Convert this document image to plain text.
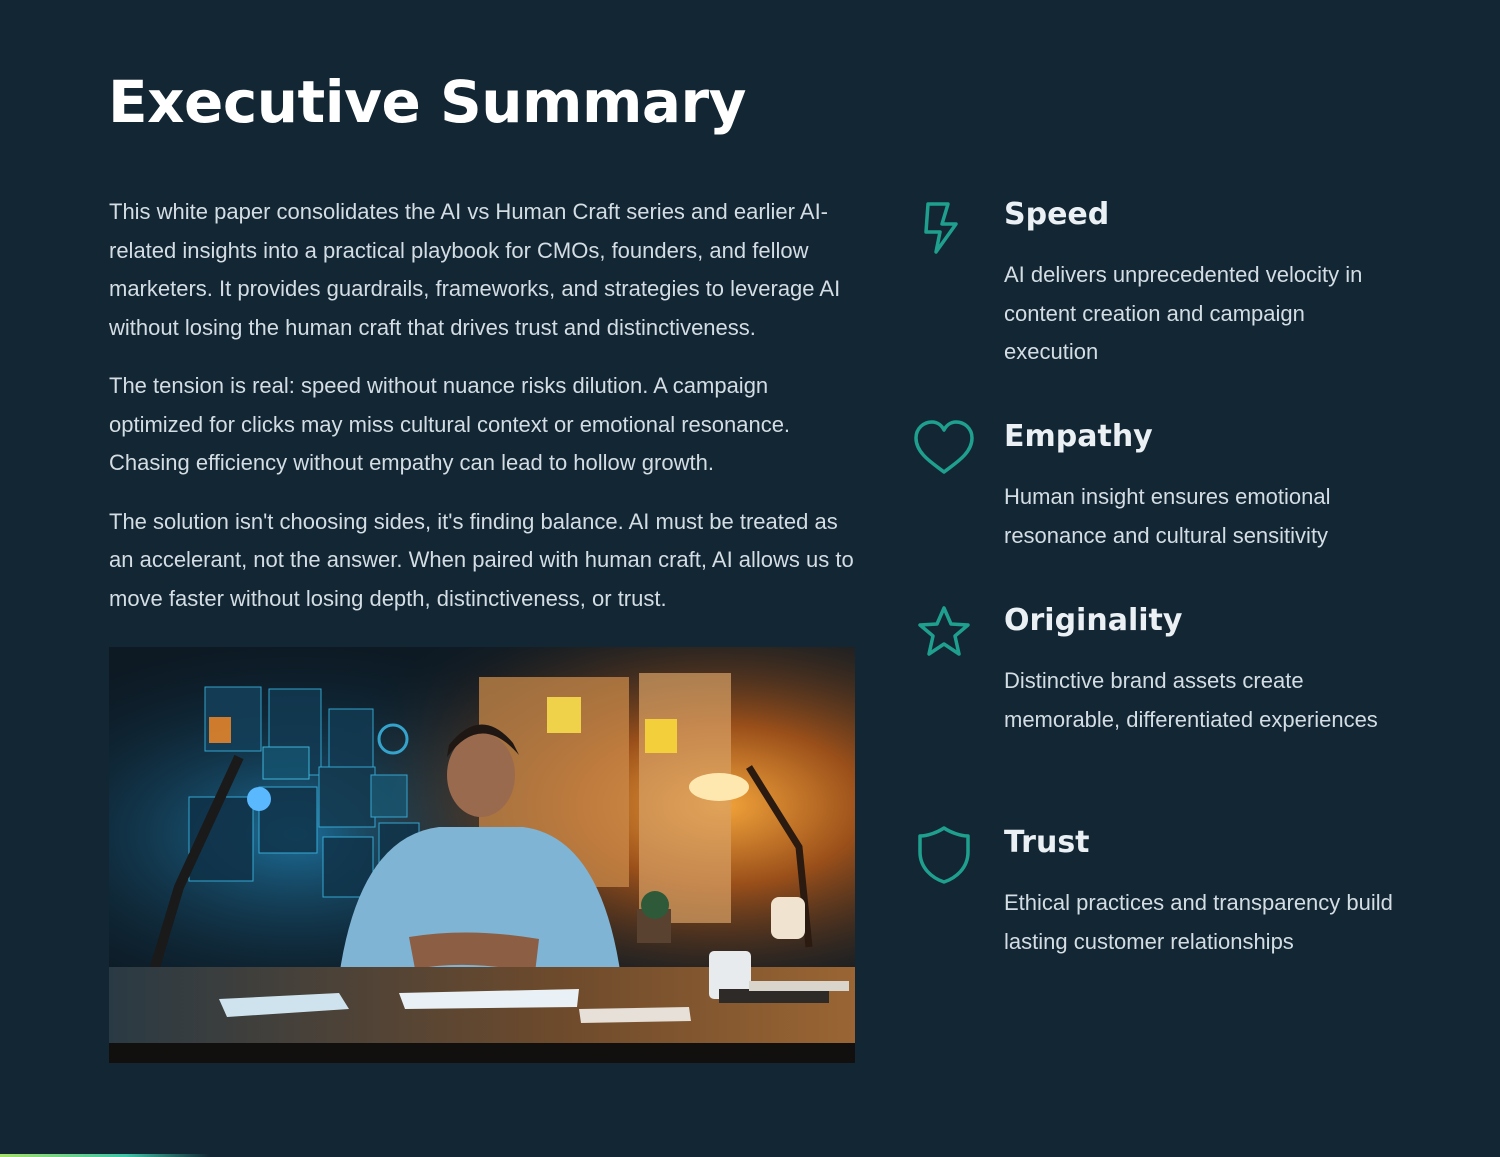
Executive Summary

This white paper consolidates the AI vs Human Craft series and earlier AI-related insights into a practical playbook for CMOs, founders, and fellow marketers. It provides guardrails, frameworks, and strategies to leverage AI without losing the human craft that drives trust and distinctiveness.

The tension is real: speed without nuance risks dilution. A campaign optimized for clicks may miss cultural context or emotional resonance. Chasing efficiency without empathy can lead to hollow growth.

The solution isn't choosing sides, it's finding balance. AI must be treated as an accelerant, not the answer. When paired with human craft, AI allows us to move faster without losing depth, distinctiveness, or trust.

Speed
AI delivers unprecedented velocity in content creation and campaign execution
Empathy
Human insight ensures emotional resonance and cultural sensitivity
Originality
Distinctive brand assets create memorable, differentiated experiences
Trust
Ethical practices and transparency build lasting customer relationships
